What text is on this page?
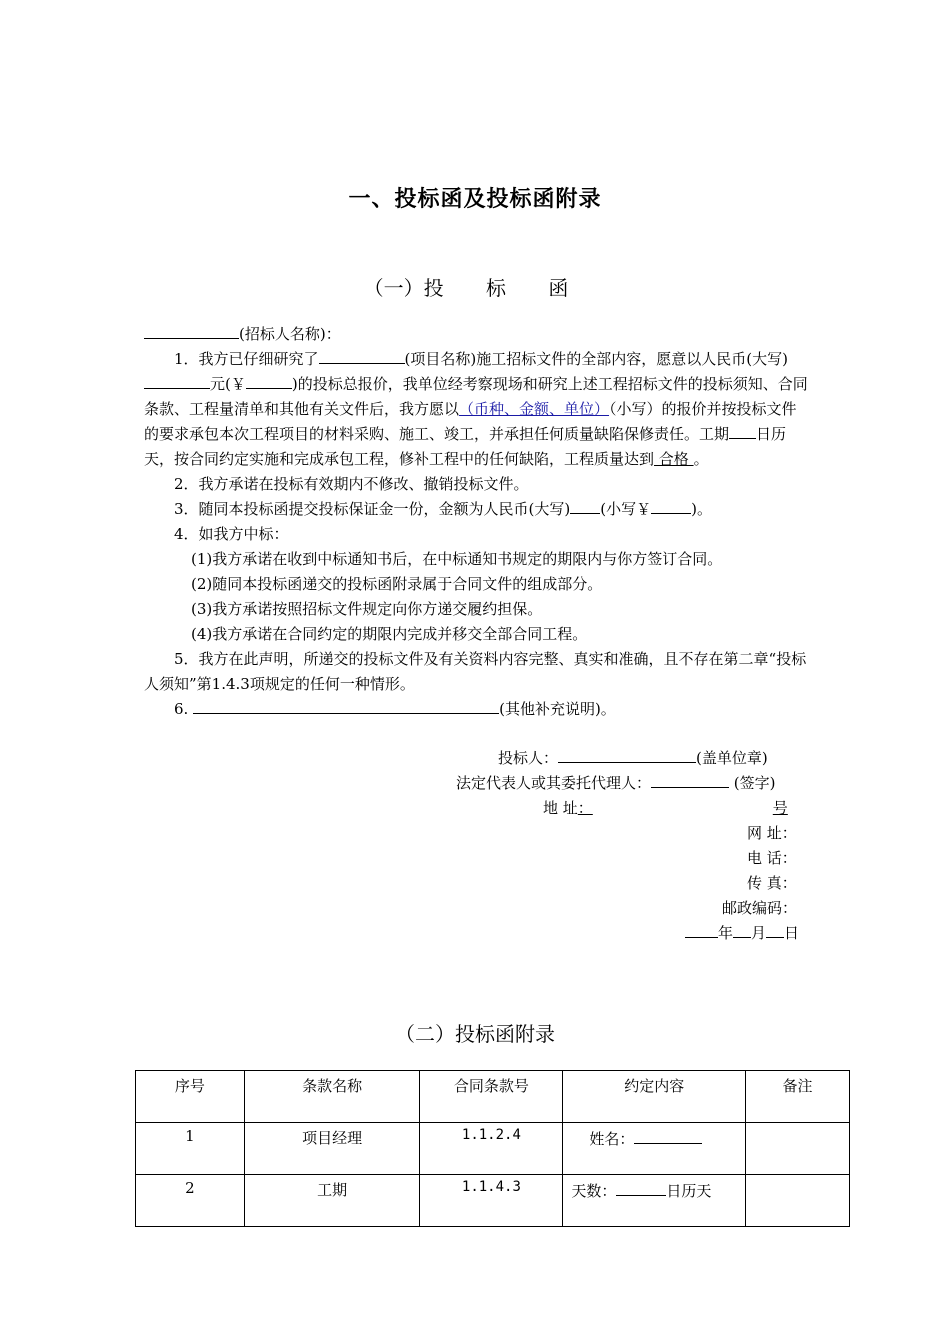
一、投标函及投标函附录
（一）投 标 函

(招标人名称)：

1．我方已仔细研究了	(项目名称)施工招标文件的全部内容，愿意以人民币(大写)元(￥	)的投标总报价，我单位经考察现场和研究上述工程招标文件的投标须知、合同条款、工程量清单和其他有关文件后，我方愿以（币种、金额、单位）（小写）的报价并按投标文件的要求承包本次工程项目的材料采购、施工、竣工，并承担任何质量缺陷保修责任。工期 日历天，按合同约定实施和完成承包工程，修补工程中的任何缺陷，工程质量达到 合格 。

2．我方承诺在投标有效期内不修改、撤销投标文件。

3．随同本投标函提交投标保证金一份，金额为人民币(大写) (小写￥	)。

4．如我方中标：

(1)我方承诺在收到中标通知书后，在中标通知书规定的期限内与你方签订合同。

(2)随同本投标函递交的投标函附录属于合同文件的组成部分。

(3)我方承诺按照招标文件规定向你方递交履约担保。

(4)我方承诺在合同约定的期限内完成并移交全部合同工程。

5．我方在此声明，所递交的投标文件及有关资料内容完整、真实和准确，且不存在第二章“投标人须知”第1.4.3项规定的任何一种情形。

6.	(其他补充说明)。

投标人：	(盖单位章)
法定代表人或其委托代理人：	(签字)
地 址：	号
网 址：
电 话：
传 真：
邮政编码：
年 月 日
（二）投标函附录
序号	条款名称	合同条款号	约定内容	备注
1	项目经理	1.1.2.4	姓名：	
2	工期	1.1.4.3	天数： 日历天	
